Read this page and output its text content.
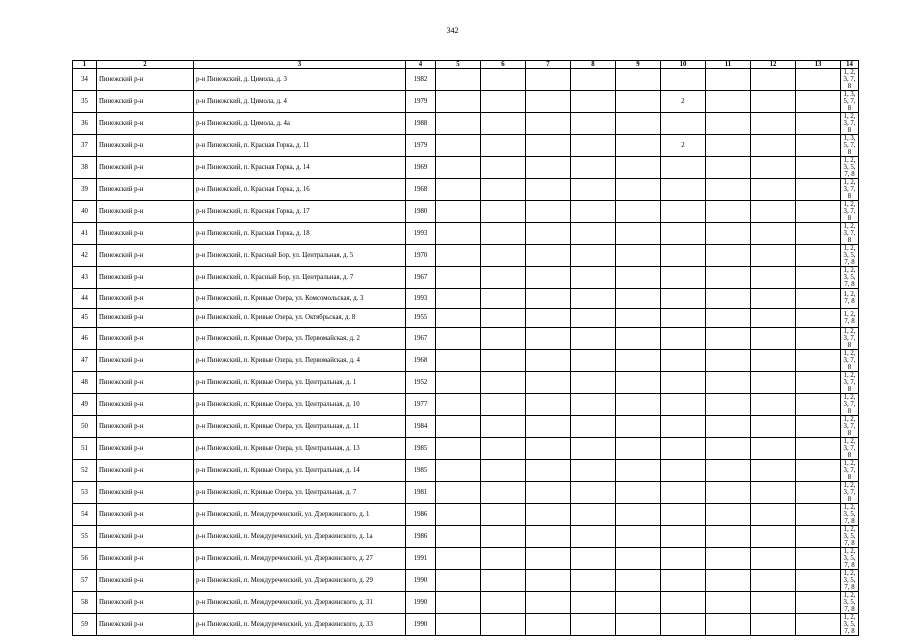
342
1	2	3	4	5	6	7	8	9	10	11	12	13	14
34	Пинежский р-н	р-н Пинежский, д. Цимола, д. 3	1982										1, 2, 3, 7, 8
35	Пинежский р-н	р-н Пинежский, д. Цимола, д. 4	1979						2				1, 3, 5, 7, 8
36	Пинежский р-н	р-н Пинежский, д. Цимола, д. 4а	1988										1, 2, 3, 7, 8
37	Пинежский р-н	р-н Пинежский, п. Красная Горка, д. 11	1979						2				1, 3, 5, 7, 8
38	Пинежский р-н	р-н Пинежский, п. Красная Горка, д. 14	1969										1, 2, 3, 5, 7, 8
39	Пинежский р-н	р-н Пинежский, п. Красная Горка, д. 16	1968										1, 2, 3, 7, 8
40	Пинежский р-н	р-н Пинежский, п. Красная Горка, д. 17	1980										1, 2, 3, 7, 8
41	Пинежский р-н	р-н Пинежский, п. Красная Горка, д. 18	1993										1, 2, 3, 7, 8
42	Пинежский р-н	р-н Пинежский, п. Красный Бор, ул. Центральная, д. 5	1970										1, 2, 3, 5, 7, 8
43	Пинежский р-н	р-н Пинежский, п. Красный Бор, ул. Центральная, д. 7	1967										1, 2, 3, 5, 7, 8
44	Пинежский р-н	р-н Пинежский, п. Кривые Озера, ул. Комсомольская, д. 3	1993										1, 2, 7, 8
45	Пинежский р-н	р-н Пинежский, п. Кривые Озера, ул. Октябрьская, д. 8	1955										1, 2, 7, 8
46	Пинежский р-н	р-н Пинежский, п. Кривые Озера, ул. Первомайская, д. 2	1967										1, 2, 3, 7, 8
47	Пинежский р-н	р-н Пинежский, п. Кривые Озера, ул. Первомайская, д. 4	1968										1, 2, 3, 7, 8
48	Пинежский р-н	р-н Пинежский, п. Кривые Озера, ул. Центральная, д. 1	1952										1, 2, 3, 7, 8
49	Пинежский р-н	р-н Пинежский, п. Кривые Озера, ул. Центральная, д. 10	1977										1, 2, 3, 7, 8
50	Пинежский р-н	р-н Пинежский, п. Кривые Озера, ул. Центральная, д. 11	1984										1, 2, 3, 7, 8
51	Пинежский р-н	р-н Пинежский, п. Кривые Озера, ул. Центральная, д. 13	1985										1, 2, 3, 7, 8
52	Пинежский р-н	р-н Пинежский, п. Кривые Озера, ул. Центральная, д. 14	1985										1, 2, 3, 7, 8
53	Пинежский р-н	р-н Пинежский, п. Кривые Озера, ул. Центральная, д. 7	1981										1, 2, 3, 7, 8
54	Пинежский р-н	р-н Пинежский, п. Междуреченский, ул. Дзержинского, д. 1	1986										1, 2, 3, 5, 7, 8
55	Пинежский р-н	р-н Пинежский, п. Междуреченский, ул. Дзержинского, д. 1а	1986										1, 2, 3, 5, 7, 8
56	Пинежский р-н	р-н Пинежский, п. Междуреченский, ул. Дзержинского, д. 27	1991										1, 2, 3, 5, 7, 8
57	Пинежский р-н	р-н Пинежский, п. Междуреченский, ул. Дзержинского, д. 29	1990										1, 2, 3, 5, 7, 8
58	Пинежский р-н	р-н Пинежский, п. Междуреченский, ул. Дзержинского, д. 31	1990										1, 2, 3, 5, 7, 8
59	Пинежский р-н	р-н Пинежский, п. Междуреченский, ул. Дзержинского, д. 33	1990										1, 2, 3, 5, 7, 8
